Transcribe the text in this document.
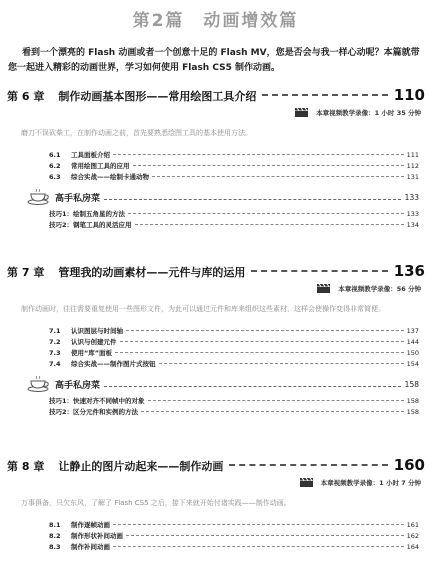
第2篇　动画增效篇
看到一个漂亮的 Flash 动画或者一个创意十足的 Flash MV，您是否会与我一样心动呢？本篇就带您一起进入精彩的动画世界，学习如何使用 Flash CS5 制作动画。
第 6 章 制作动画基本图形——常用绘图工具介绍	110
本章视频教学录像：1 小时 35 分钟
磨刀不误砍柴工，在制作动画之前，首先要熟悉绘图工具的基本使用方法。
6.1	工具面板介绍	111
6.2	常用绘图工具的应用	112
6.3	综合实战——绘制卡通动物	131
高手私房菜	133
技巧1：绘制五角星的方法	133
技巧2：钢笔工具的灵活应用	134
第 7 章 管理我的动画素材——元件与库的运用	136
本章视频教学录像：56 分钟
制作动画时，往往需要重复使用一些图形文件，为此可以通过元件和库来组织这些素材，这样会使操作变得非常简便。
7.1	认识图层与时间轴	137
7.2	认识与创建元件	144
7.3	使用“库”面板	150
7.4	综合实战——制作图片式按钮	154
高手私房菜	158
技巧1：快速对齐不同帧中的对象	158
技巧2：区分元件和实例的方法	158
第 8 章 让静止的图片动起来——制作动画	160
本章视频教学录像：1 小时 7 分钟
万事俱备，只欠东风，了解了 Flash CS5 之后，接下来就开始付诸实践——制作动画。
8.1	制作逐帧动画	161
8.2	制作形状补间动画	162
8.3	制作补间动画	164
